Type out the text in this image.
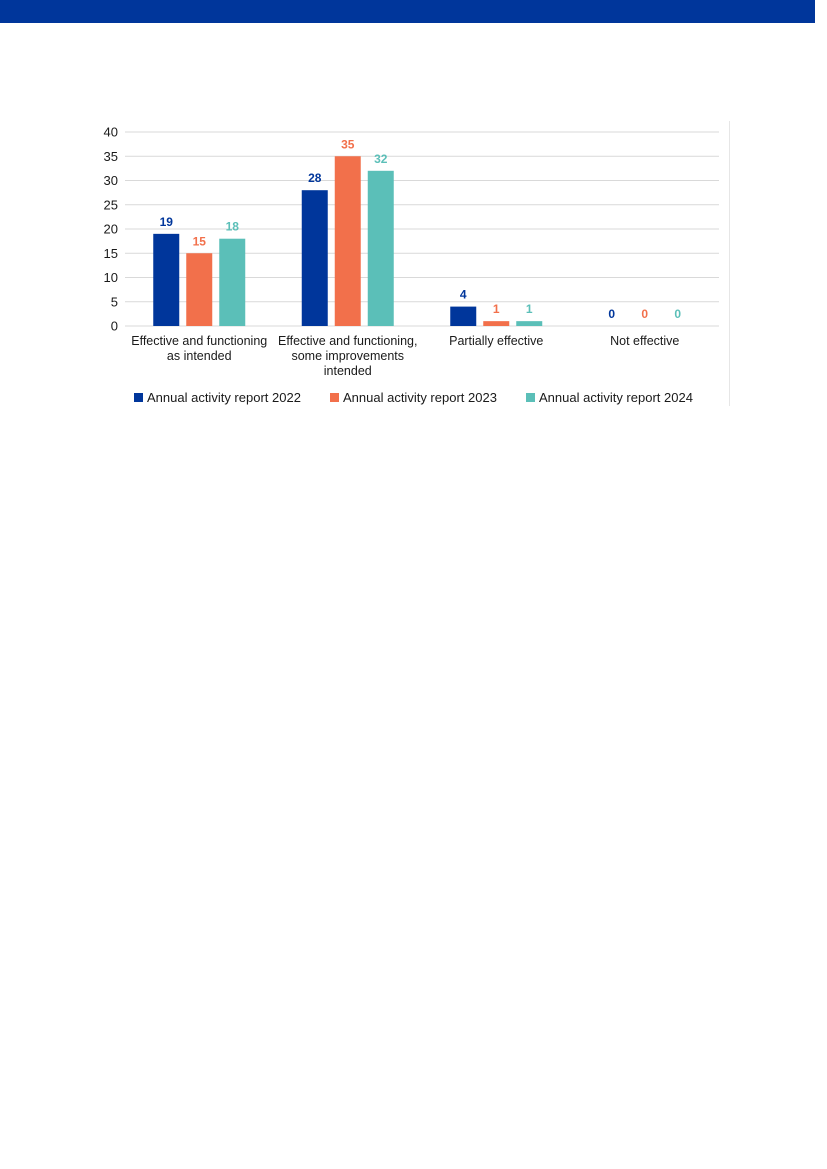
0
5
10
15
20
25
30
35
40
19
15
18
Effective and functioning
as intended
28
35
32
Effective and functioning,
some improvements
intended
4
1 1
Partially effective
0 0 0
Not effective
Annual activity report 2022	Annual activity report 2023	Annual activity report 2024
